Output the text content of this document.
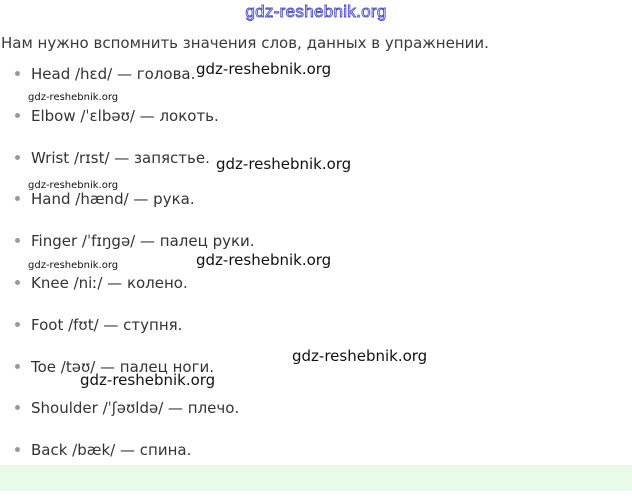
gdz-reshebnik.org
Нам нужно вспомнить значения слов, данных в упражнении.
Head /hɛd/ — голова.
Elbow /ˈɛlbəʊ/ — локоть.
Wrist /rɪst/ — запястье.
Hand /hænd/ — рука.
Finger /ˈfɪŋgə/ — палец руки.
Knee /niː/ — колено.
Foot /fʊt/ — ступня.
Toe /təʊ/ — палец ноги.
Shoulder /ˈʃəʊldə/ — плечо.
Back /bæk/ — спина.
gdz-reshebnik.org
gdz-reshebnik.org
gdz-reshebnik.org
gdz-reshebnik.org
gdz-reshebnik.org
gdz-reshebnik.org
gdz-reshebnik.org
gdz-reshebnik.org
